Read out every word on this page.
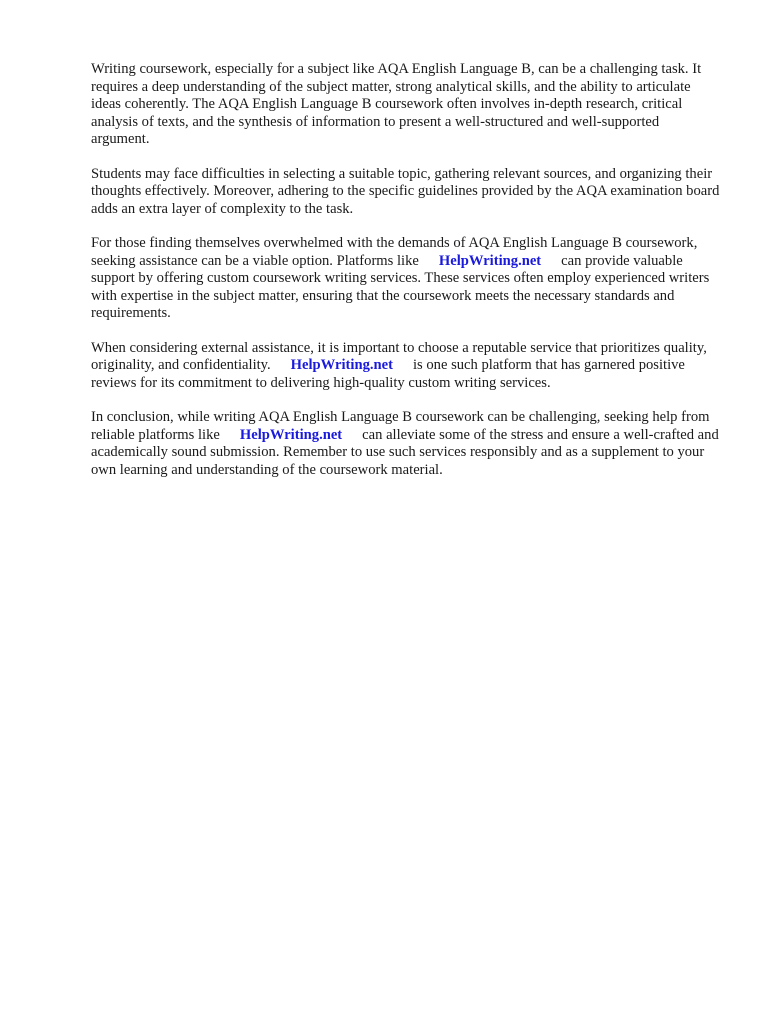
Writing coursework, especially for a subject like AQA English Language B, can be a challenging task. It requires a deep understanding of the subject matter, strong analytical skills, and the ability to articulate ideas coherently. The AQA English Language B coursework often involves in-depth research, critical analysis of texts, and the synthesis of information to present a well-structured and well-supported argument.

Students may face difficulties in selecting a suitable topic, gathering relevant sources, and organizing their thoughts effectively. Moreover, adhering to the specific guidelines provided by the AQA examination board adds an extra layer of complexity to the task.

For those finding themselves overwhelmed with the demands of AQA English Language B coursework, seeking assistance can be a viable option. Platforms like HelpWriting.net can provide valuable support by offering custom coursework writing services. These services often employ experienced writers with expertise in the subject matter, ensuring that the coursework meets the necessary standards and requirements.

When considering external assistance, it is important to choose a reputable service that prioritizes quality, originality, and confidentiality. HelpWriting.net is one such platform that has garnered positive reviews for its commitment to delivering high-quality custom writing services.

In conclusion, while writing AQA English Language B coursework can be challenging, seeking help from reliable platforms like HelpWriting.net can alleviate some of the stress and ensure a well-crafted and academically sound submission. Remember to use such services responsibly and as a supplement to your own learning and understanding of the coursework material.
